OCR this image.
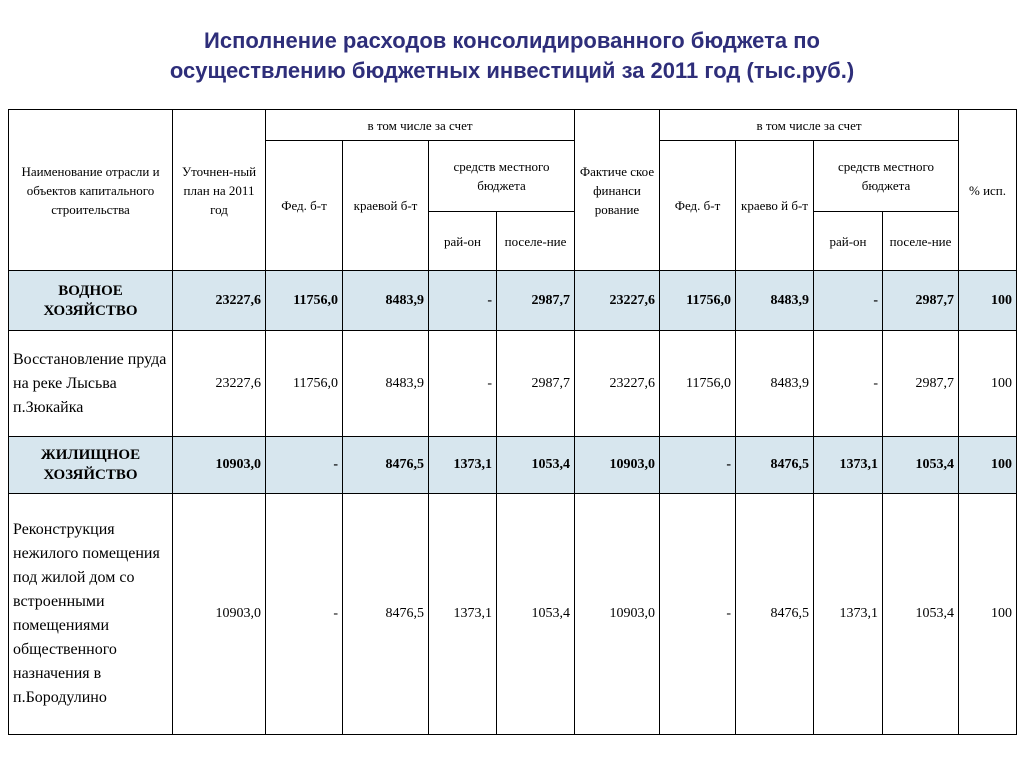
Исполнение расходов консолидированного бюджета по
осуществлению бюджетных инвестиций за 2011 год (тыс.руб.)
Наименование отрасли и объектов капитального строительства	Уточнен-ный план на 2011 год	в том числе за счет				Фактиче ское финанси рование	в том числе за счет				% исп.
		Фед. б-т	краевой б-т	средств местного бюджета			Фед. б-т	краево й б-т	средств местного бюджета		
				рай-он	поселе-ние				рай-он	поселе-ние	
ВОДНОЕ ХОЗЯЙСТВО	23227,6	11756,0	8483,9	-	2987,7	23227,6	11756,0	8483,9	-	2987,7	100
Восстановление пруда на реке Лысьва п.Зюкайка	23227,6	11756,0	8483,9	-	2987,7	23227,6	11756,0	8483,9	-	2987,7	100
ЖИЛИЩНОЕ ХОЗЯЙСТВО	10903,0	-	8476,5	1373,1	1053,4	10903,0	-	8476,5	1373,1	1053,4	100
Реконструкция нежилого помещения под жилой дом со встроенными помещениями общественного назначения в п.Бородулино	10903,0	-	8476,5	1373,1	1053,4	10903,0	-	8476,5	1373,1	1053,4	100
